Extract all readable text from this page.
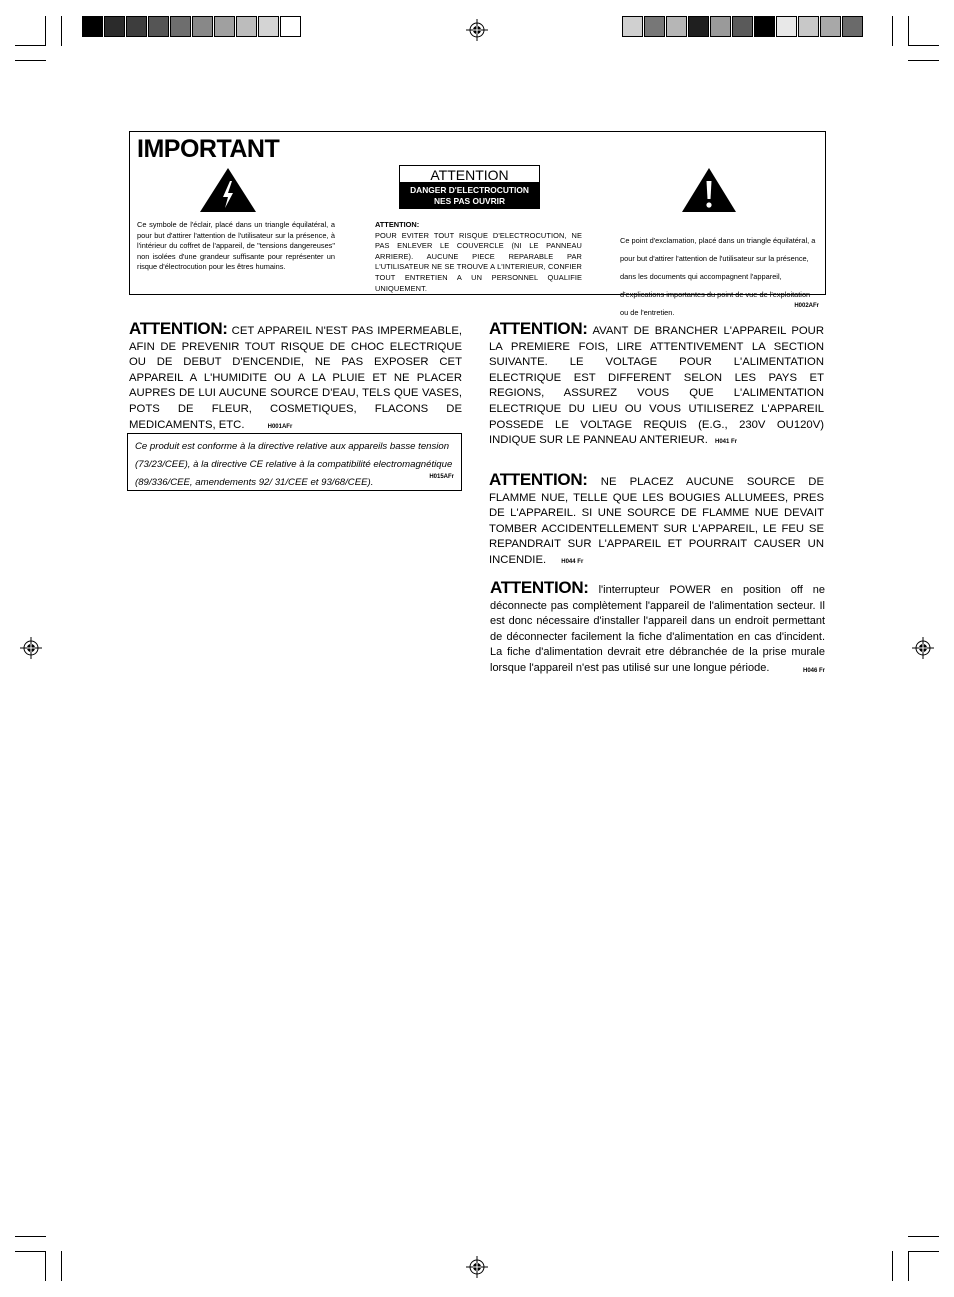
IMPORTANT
ATTENTION
DANGER D'ELECTROCUTION
NES PAS OUVRIR
Ce symbole de l'éclair, placé dans un triangle équilatéral, a pour but d'attirer l'attention de l'utilisateur sur la présence, à l'intérieur du coffret de l'appareil, de "tensions dangereuses" non isolées d'une grandeur suffisante pour représenter un risque d'électrocution pour les êtres humains.
ATTENTION:
POUR EVITER TOUT RISQUE D'ELECTROCUTION, NE PAS ENLEVER LE COUVERCLE (NI LE PANNEAU ARRIERE). AUCUNE PIECE REPARABLE PAR L'UTILISATEUR NE SE TROUVE A L'INTERIEUR, CONFIER TOUT ENTRETIEN A UN PERSONNEL QUALIFIE UNIQUEMENT.
Ce point d'exclamation, placé dans un triangle équilatéral, a pour but d'attirer l'attention de l'utilisateur sur la présence, dans les documents qui accompagnent l'appareil, d'explications importantes du point de vue de l'exploitation ou de l'entretien.
H002AFr
ATTENTION: CET APPAREIL N'EST PAS IMPERMEABLE, AFIN DE PREVENIR TOUT RISQUE DE CHOC ELECTRIQUE OU DE DEBUT D'ENCENDIE, NE PAS EXPOSER CET APPAREIL A L'HUMIDITE OU A LA PLUIE ET NE PLACER AUPRES DE LUI AUCUNE SOURCE D'EAU, TELS QUE VASES, POTS DE FLEUR, COSMETIQUES, FLACONS DE MEDICAMENTS, ETC.	H001AFr
Ce produit est conforme à la directive relative aux appareils basse tension (73/23/CEE), à la directive CE relative à la compatibilité electromagnétique (89/336/CEE, amendements 92/ 31/CEE et 93/68/CEE).	H015AFr
ATTENTION: AVANT DE BRANCHER L'APPAREIL POUR LA PREMIERE FOIS, LIRE ATTENTIVEMENT LA SECTION SUIVANTE. LE VOLTAGE POUR L'ALIMENTATION ELECTRIQUE EST DIFFERENT SELON LES PAYS ET REGIONS, ASSUREZ VOUS QUE L'ALIMENTATION ELECTRIQUE DU LIEU OU VOUS UTILISEREZ L'APPAREIL POSSEDE LE VOLTAGE REQUIS (E.G., 230V OU120V) INDIQUE SUR LE PANNEAU ANTERIEUR. H041 Fr
ATTENTION: NE PLACEZ AUCUNE SOURCE DE FLAMME NUE, TELLE QUE LES BOUGIES ALLUMEES, PRES DE L'APPAREIL. SI UNE SOURCE DE FLAMME NUE DEVAIT TOMBER ACCIDENTELLEMENT SUR L'APPAREIL, LE FEU SE REPANDRAIT SUR L'APPAREIL ET POURRAIT CAUSER UN INCENDIE.	H044 Fr
ATTENTION: l'interrupteur POWER en position off ne déconnecte pas complètement l'appareil de l'alimentation secteur. Il est donc nécessaire d'installer l'appareil dans un endroit permettant de déconnecter facilement la fiche d'alimentation en cas d'incident. La fiche d'alimentation devrait etre débranchée de la prise murale lorsque l'appareil n'est pas utilisé sur une longue période.	H046 Fr
